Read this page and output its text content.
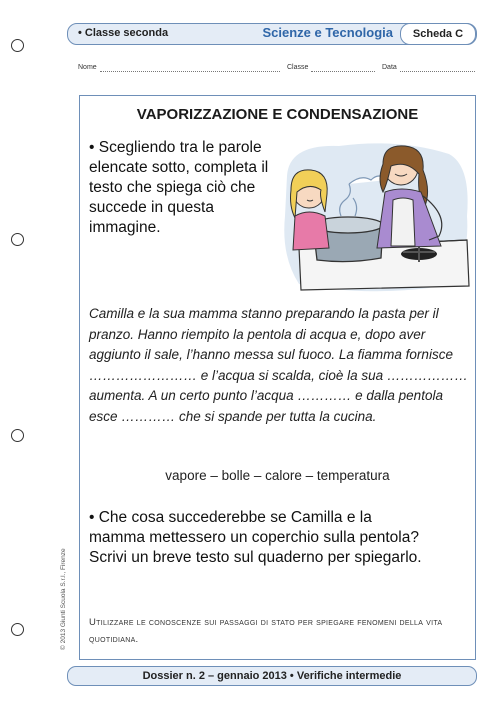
• Classe seconda	Scienze e Tecnologia	Scheda C
Nome	Classe	Data
VAPORIZZAZIONE E CONDENSAZIONE
• Scegliendo tra le parole elencate sotto, completa il testo che spiega ciò che succede in questa immagine.
Camilla e la sua mamma stanno preparando la pasta per il pranzo. Hanno riempito la pentola di acqua e, dopo aver aggiunto il sale, l’hanno messa sul fuoco. La fiamma fornisce …………………… e l’acqua si scalda, cioè la sua ……………… aumenta. A un certo punto l’acqua ………… e dalla pentola esce ………… che si spande per tutta la cucina.
vapore – bolle – calore – temperatura
• Che cosa succederebbe se Camilla e la mamma mettessero un coperchio sulla pentola? Scrivi un breve testo sul quaderno per spiegarlo.
Utilizzare le conoscenze sui passaggi di stato per spiegare fenomeni della vita quotidiana.
© 2013 Giunti Scuola S.r.l., Firenze
Dossier n. 2 – gennaio 2013 • Verifiche intermedie
